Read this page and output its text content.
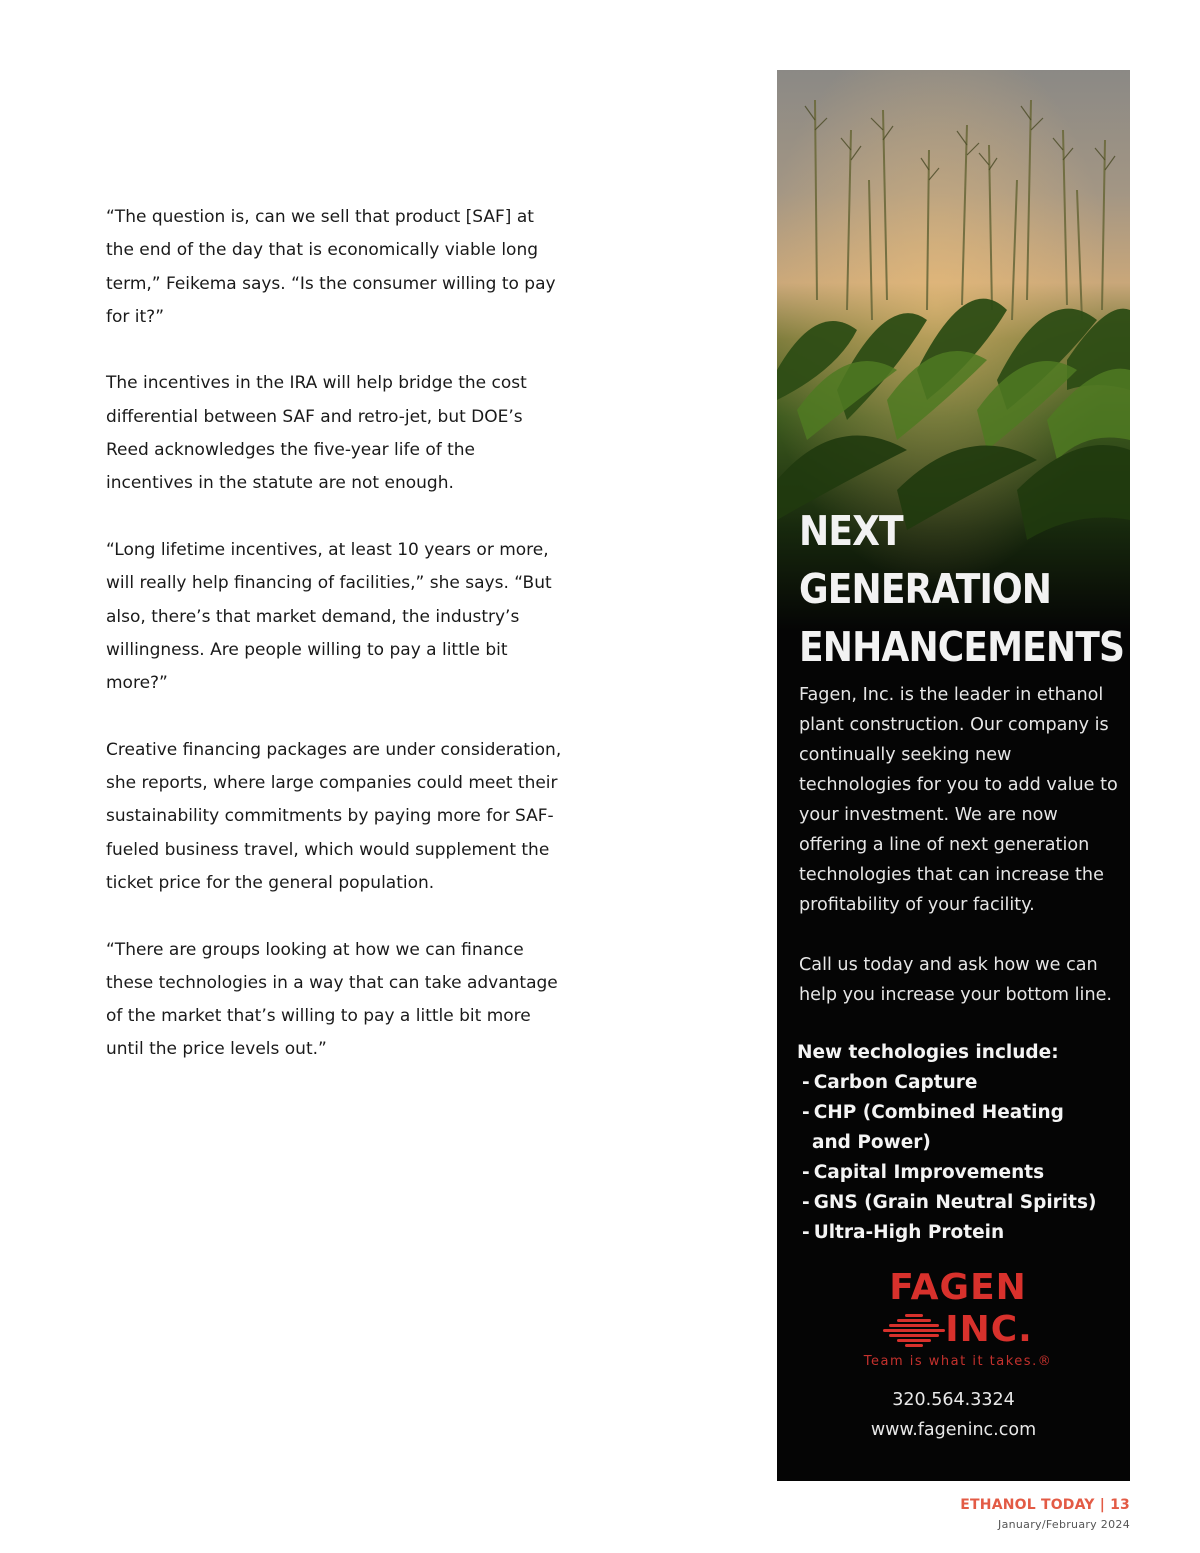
“The question is, can we sell that product [SAF] at the end of the day that is economically viable long term,” Feikema says. “Is the consumer willing to pay for it?”

The incentives in the IRA will help bridge the cost differential between SAF and retro-jet, but DOE’s Reed acknowledges the five-year life of the incentives in the statute are not enough.

“Long lifetime incentives, at least 10 years or more, will really help financing of facilities,” she says. “But also, there’s that market demand, the industry’s willingness. Are people willing to pay a little bit more?”

Creative financing packages are under consideration, she reports, where large companies could meet their sustainability commitments by paying more for SAF-fueled business travel, which would supplement the ticket price for the general population.

“There are groups looking at how we can finance these technologies in a way that can take advantage of the market that’s willing to pay a little bit more until the price levels out.”

NEXT
GENERATION
ENHANCEMENTS

Fagen, Inc. is the leader in ethanol plant construction. Our company is continually seeking new technologies for you to add value to your investment. We are now offering a line of next generation technologies that can increase the profitability of your facility.

Call us today and ask how we can help you increase your bottom line.

New techologies include:
- Carbon Capture
- CHP (Combined Heating
and Power)
- Capital Improvements
- GNS (Grain Neutral Spirits)
- Ultra-High Protein
FAGEN
INC.
Team is what it takes.®
320.564.3324
www.fageninc.com
ETHANOL TODAY | 13
January/February 2024
